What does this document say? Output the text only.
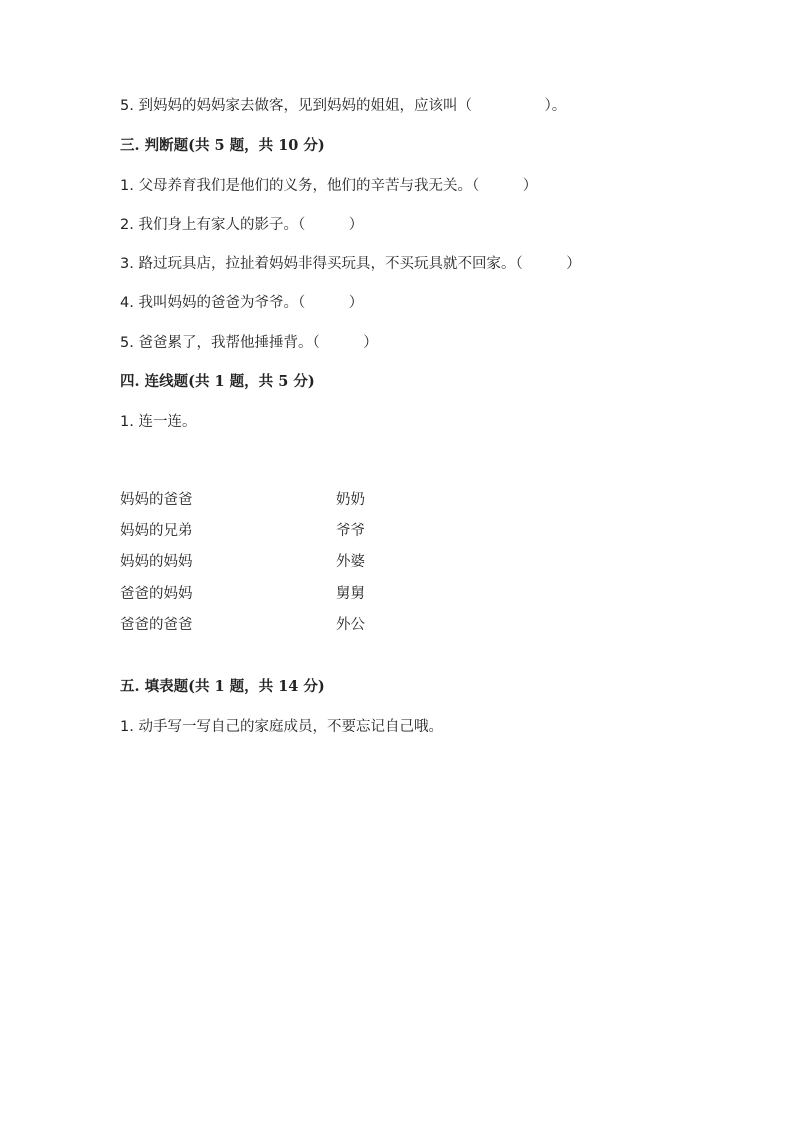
5. 到妈妈的妈妈家去做客，见到妈妈的姐姐，应该叫（　　　　　）。
三. 判断题(共 5 题，共 10 分)
1. 父母养育我们是他们的义务，他们的辛苦与我无关。（　　　）
2. 我们身上有家人的影子。（　　　）
3. 路过玩具店，拉扯着妈妈非得买玩具，不买玩具就不回家。（　　　）
4. 我叫妈妈的爸爸为爷爷。（　　　）
5. 爸爸累了，我帮他捶捶背。（　　　）
四. 连线题(共 1 题，共 5 分)
1. 连一连。
妈妈的爸爸	奶奶
妈妈的兄弟	爷爷
妈妈的妈妈	外婆
爸爸的妈妈	舅舅
爸爸的爸爸	外公
五. 填表题(共 1 题，共 14 分)
1. 动手写一写自己的家庭成员，不要忘记自己哦。
